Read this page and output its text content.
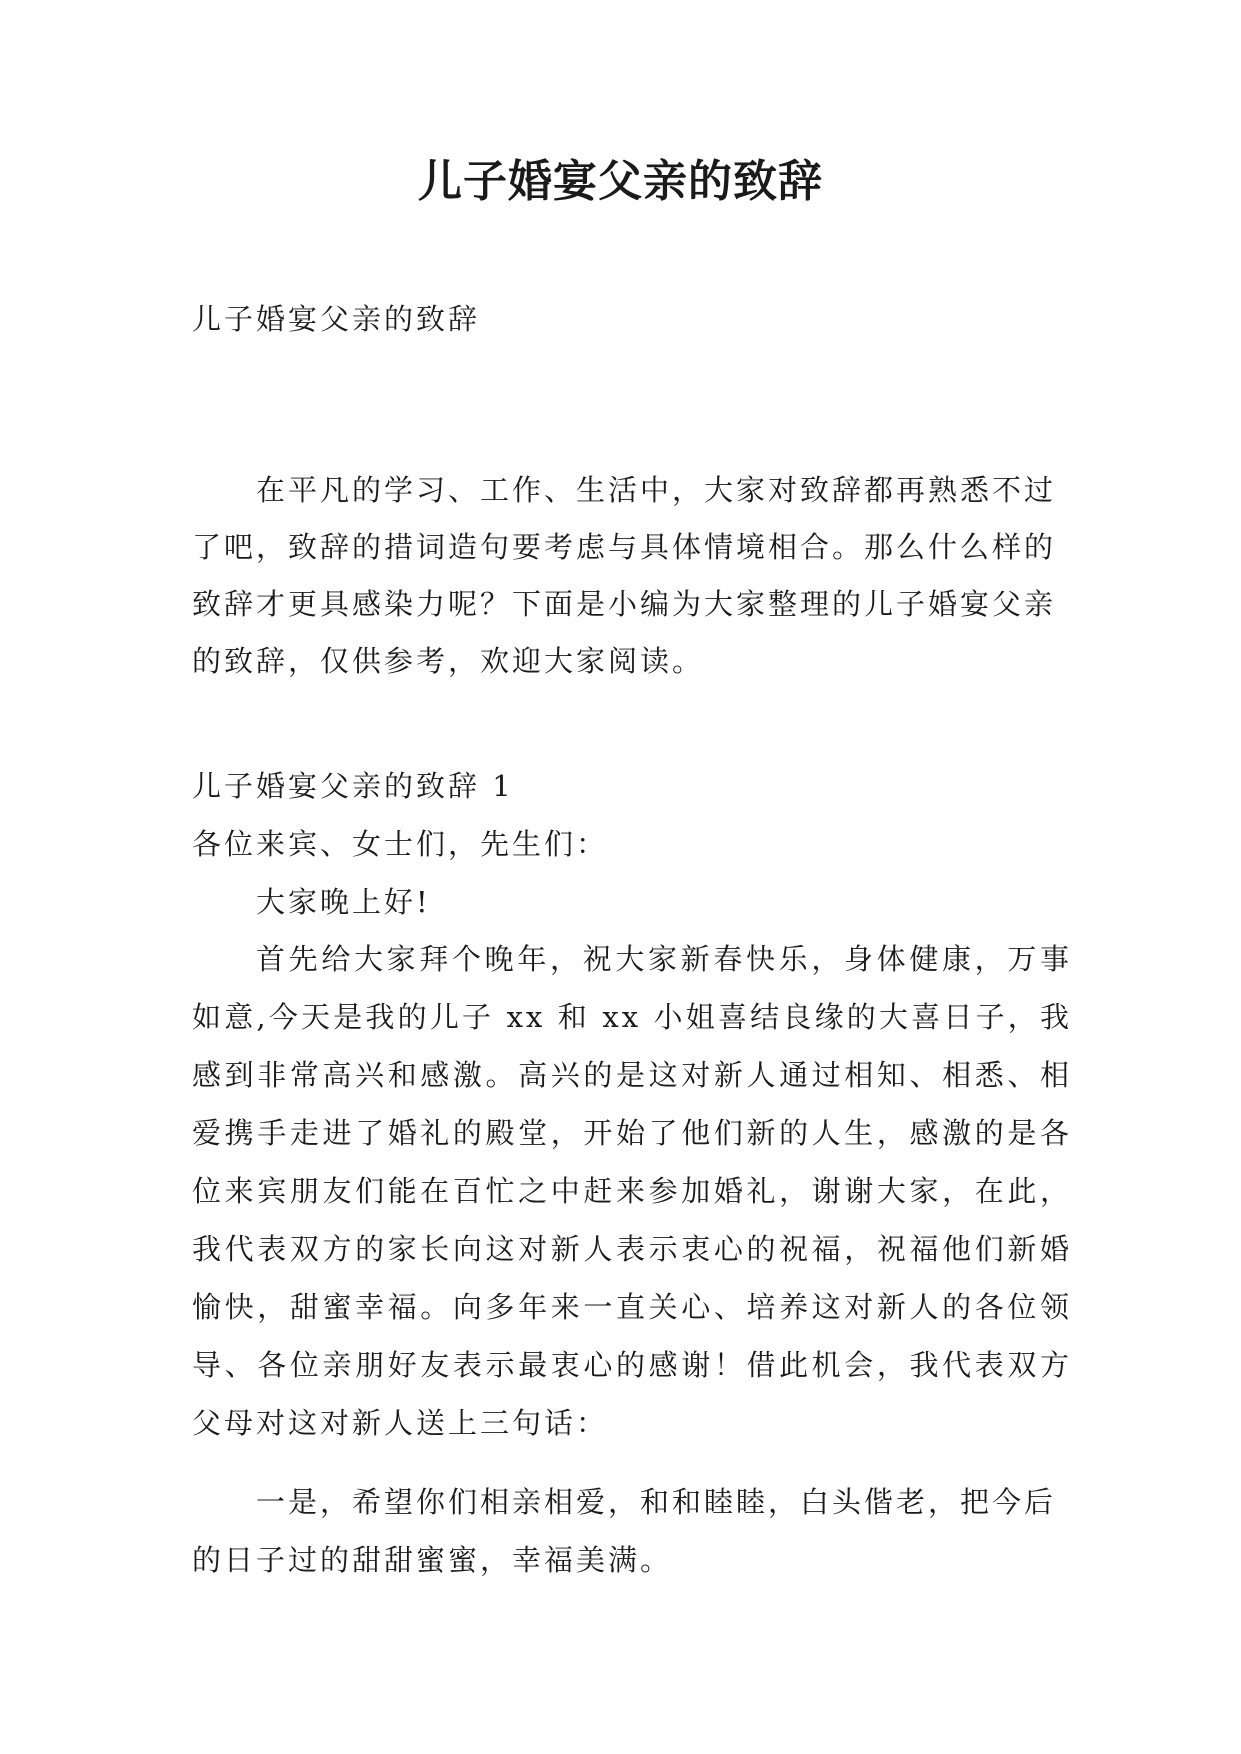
儿子婚宴父亲的致辞

儿子婚宴父亲的致辞

在平凡的学习、工作、生活中，大家对致辞都再熟悉不过了吧，致辞的措词造句要考虑与具体情境相合。那么什么样的致辞才更具感染力呢？下面是小编为大家整理的儿子婚宴父亲的致辞，仅供参考，欢迎大家阅读。

儿子婚宴父亲的致辞 1

各位来宾、女士们，先生们：

大家晚上好!

首先给大家拜个晚年，祝大家新春快乐，身体健康，万事如意,今天是我的儿子 xx 和 xx 小姐喜结良缘的大喜日子，我感到非常高兴和感激。高兴的是这对新人通过相知、相悉、相爱携手走进了婚礼的殿堂，开始了他们新的人生，感激的是各位来宾朋友们能在百忙之中赶来参加婚礼，谢谢大家，在此，我代表双方的家长向这对新人表示衷心的祝福，祝福他们新婚愉快，甜蜜幸福。向多年来一直关心、培养这对新人的各位领导、各位亲朋好友表示最衷心的感谢！借此机会，我代表双方父母对这对新人送上三句话：

一是，希望你们相亲相爱，和和睦睦，白头偕老，把今后的日子过的甜甜蜜蜜，幸福美满。
